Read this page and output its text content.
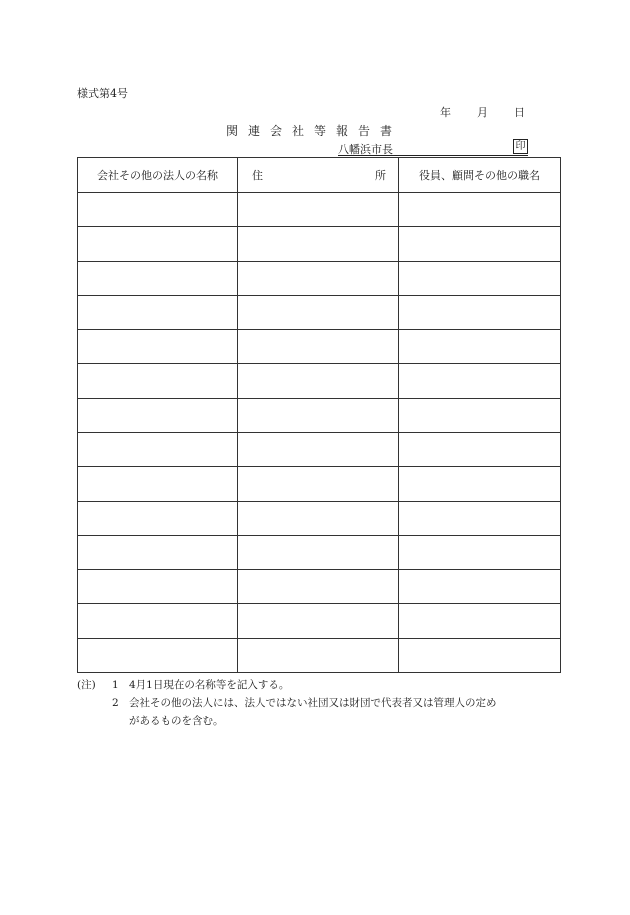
様式第4号
年 月 日
関連会社等報告書
八幡浜市長	印
会社その他の法人の名称	住 所	役員、顧問その他の職名

(注) 1 4月1日現在の名称等を記入する。
2 会社その他の法人には、法人ではない社団又は財団で代表者又は管理人の定め
があるものを含む。
